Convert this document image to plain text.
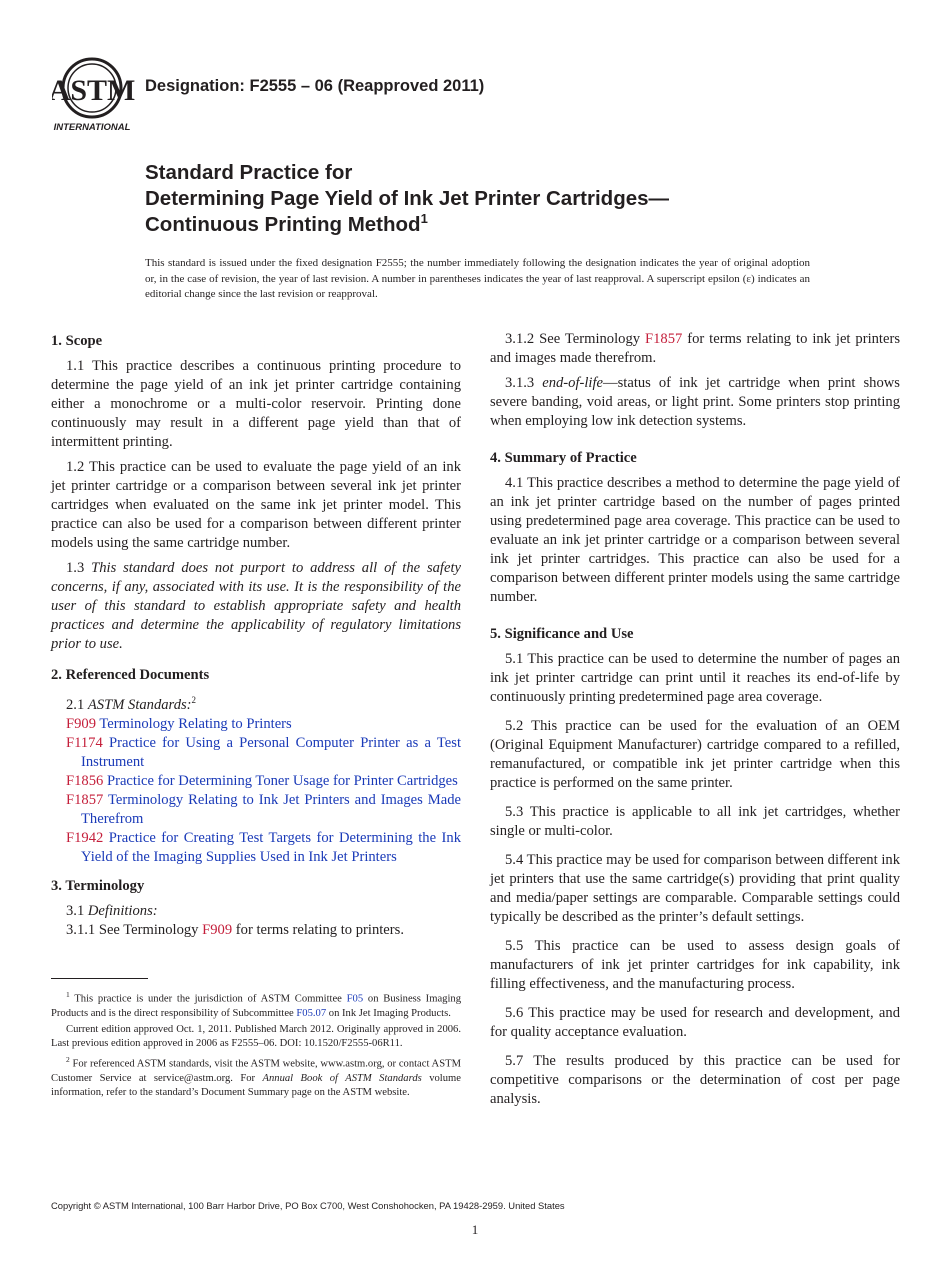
ASTM
INTERNATIONAL
Designation: F2555 – 06 (Reapproved 2011)
Standard Practice for
Determining Page Yield of Ink Jet Printer Cartridges—
Continuous Printing Method$^1$
This standard is issued under the fixed designation F2555; the number immediately following the designation indicates the year of original adoption or, in the case of revision, the year of last revision. A number in parentheses indicates the year of last reapproval. A superscript epsilon (ε) indicates an editorial change since the last revision or reapproval.

1. Scope

1.1 This practice describes a continuous printing procedure to determine the page yield of an ink jet printer cartridge containing either a monochrome or a multi-color reservoir. Printing done continuously may result in a different page yield than that of intermittent printing.

1.2 This practice can be used to evaluate the page yield of an ink jet printer cartridge or a comparison between several ink jet printer cartridges when evaluated on the same ink jet printer model. This practice can also be used for a comparison between different printer models using the same cartridge number.

1.3 This standard does not purport to address all of the safety concerns, if any, associated with its use. It is the responsibility of the user of this standard to establish appropriate safety and health practices and determine the applicability of regulatory limitations prior to use.

2. Referenced Documents

2.1 ASTM Standards:$^2$

F909 Terminology Relating to Printers

F1174 Practice for Using a Personal Computer Printer as a Test Instrument

F1856 Practice for Determining Toner Usage for Printer Cartridges

F1857 Terminology Relating to Ink Jet Printers and Images Made Therefrom

F1942 Practice for Creating Test Targets for Determining the Ink Yield of the Imaging Supplies Used in Ink Jet Printers

3. Terminology

3.1 Definitions:

3.1.1 See Terminology F909 for terms relating to printers.

$^1$ This practice is under the jurisdiction of ASTM Committee F05 on Business Imaging Products and is the direct responsibility of Subcommittee F05.07 on Ink Jet Imaging Products.

Current edition approved Oct. 1, 2011. Published March 2012. Originally approved in 2006. Last previous edition approved in 2006 as F2555–06. DOI: 10.1520/F2555-06R11.

$^2$ For referenced ASTM standards, visit the ASTM website, www.astm.org, or contact ASTM Customer Service at service@astm.org. For Annual Book of ASTM Standards volume information, refer to the standard’s Document Summary page on the ASTM website.

3.1.2 See Terminology F1857 for terms relating to ink jet printers and images made therefrom.

3.1.3 end-of-life—status of ink jet cartridge when print shows severe banding, void areas, or light print. Some printers stop printing when employing low ink detection systems.

4. Summary of Practice

4.1 This practice describes a method to determine the page yield of an ink jet printer cartridge based on the number of pages printed using predetermined page area coverage. This practice can be used to evaluate an ink jet printer cartridge or a comparison between several ink jet printer cartridges. This practice can also be used for a comparison between different printer models using the same cartridge number.

5. Significance and Use

5.1 This practice can be used to determine the number of pages an ink jet printer cartridge can print until it reaches its end-of-life by continuously printing predetermined page area coverage.

5.2 This practice can be used for the evaluation of an OEM (Original Equipment Manufacturer) cartridge compared to a refilled, remanufactured, or compatible ink jet printer cartridge when this practice is performed on the same printer.

5.3 This practice is applicable to all ink jet cartridges, whether single or multi-color.

5.4 This practice may be used for comparison between different ink jet printers that use the same cartridge(s) providing that print quality and media/paper settings are comparable. Comparable settings could typically be described as the printer’s default settings.

5.5 This practice can be used to assess design goals of manufacturers of ink jet printer cartridges for ink capability, ink filling effectiveness, and the manufacturing process.

5.6 This practice may be used for research and development, and for quality acceptance evaluation.

5.7 The results produced by this practice can be used for competitive comparisons or the determination of cost per page analysis.

Copyright © ASTM International, 100 Barr Harbor Drive, PO Box C700, West Conshohocken, PA 19428-2959. United States
1
